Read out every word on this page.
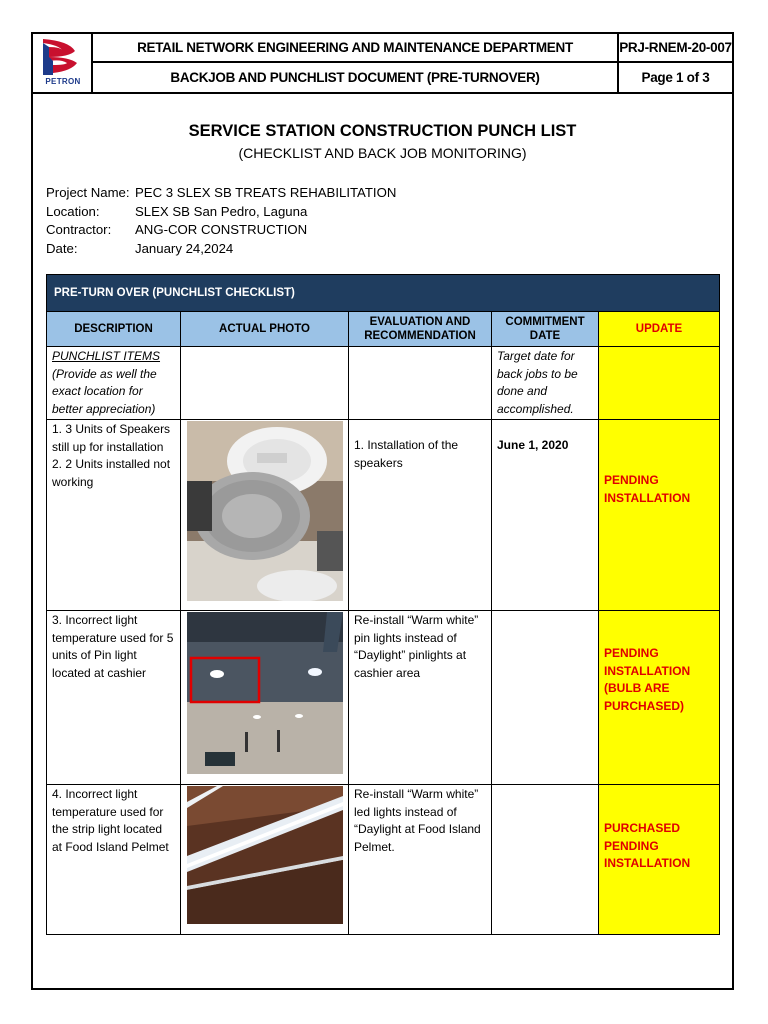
PETRON
RETAIL NETWORK ENGINEERING AND MAINTENANCE DEPARTMENT
BACKJOB AND PUNCHLIST DOCUMENT (PRE-TURNOVER)
PRJ-RNEM-20-007
Page 1 of 3
SERVICE STATION CONSTRUCTION PUNCH LIST
(CHECKLIST AND BACK JOB MONITORING)
Project Name: PEC 3 SLEX SB TREATS REHABILITATION
Location:	SLEX SB San Pedro, Laguna
Contractor:	ANG-COR CONSTRUCTION
Date:	January 24,2024
PRE-TURN OVER (PUNCHLIST CHECKLIST)				
DESCRIPTION	ACTUAL PHOTO	EVALUATION AND RECOMMENDATION	COMMITMENT DATE	UPDATE

PUNCHLIST ITEMS
(Provide as well the exact location for better appreciation)			Target date for back jobs to be done and accomplished.	

1. 3 Units of Speakers still up for installation
2. 2 Units installed not working		1. Installation of the speakers	June 1, 2020	PENDING INSTALLATION

3. Incorrect light temperature used for 5 units of Pin light located at cashier		Re-install “Warm white” pin lights instead of “Daylight” pinlights at cashier area		PENDING INSTALLATION (BULB ARE PURCHASED)

4. Incorrect light temperature used for the strip light located at Food Island Pelmet		Re-install “Warm white” led lights instead of “Daylight at Food Island Pelmet.		PURCHASED PENDING INSTALLATION
